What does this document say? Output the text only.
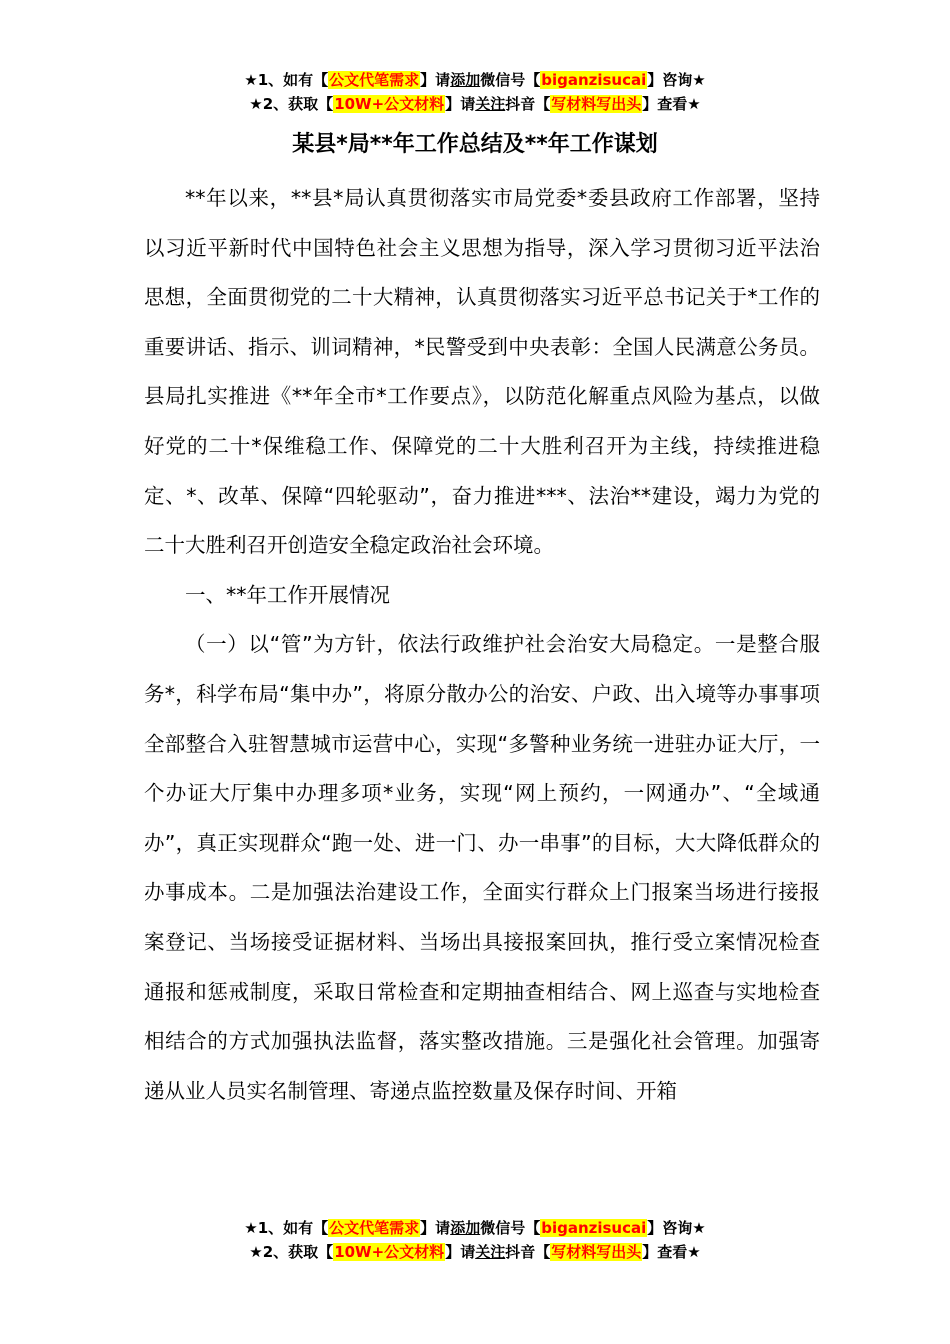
★1、如有【公文代笔需求】请添加微信号【biganzisucai】咨询★
★2、获取【10W+公文材料】请关注抖音【写材料写出头】查看★
某县*局**年工作总结及**年工作谋划

**年以来，**县*局认真贯彻落实市局党委*委县政府工作部署，坚持以习近平新时代中国特色社会主义思想为指导，深入学习贯彻习近平法治思想，全面贯彻党的二十大精神，认真贯彻落实习近平总书记关于*工作的重要讲话、指示、训词精神，*民警受到中央表彰：全国人民满意公务员。县局扎实推进《**年全市*工作要点》，以防范化解重点风险为基点，以做好党的二十*保维稳工作、保障党的二十大胜利召开为主线，持续推进稳定、*、改革、保障“四轮驱动”，奋力推进***、法治**建设，竭力为党的二十大胜利召开创造安全稳定政治社会环境。

一、**年工作开展情况

（一）以“管”为方针，依法行政维护社会治安大局稳定。一是整合服务*，科学布局“集中办”，将原分散办公的治安、户政、出入境等办事事项全部整合入驻智慧城市运营中心，实现“多警种业务统一进驻办证大厅，一个办证大厅集中办理多项*业务，实现“网上预约，一网通办”、“全域通办”，真正实现群众“跑一处、进一门、办一串事”的目标，大大降低群众的办事成本。二是加强法治建设工作，全面实行群众上门报案当场进行接报案登记、当场接受证据材料、当场出具接报案回执，推行受立案情况检查通报和惩戒制度，采取日常检查和定期抽查相结合、网上巡查与实地检查相结合的方式加强执法监督，落实整改措施。三是强化社会管理。加强寄递从业人员实名制管理、寄递点监控数量及保存时间、开箱

★1、如有【公文代笔需求】请添加微信号【biganzisucai】咨询★
★2、获取【10W+公文材料】请关注抖音【写材料写出头】查看★
